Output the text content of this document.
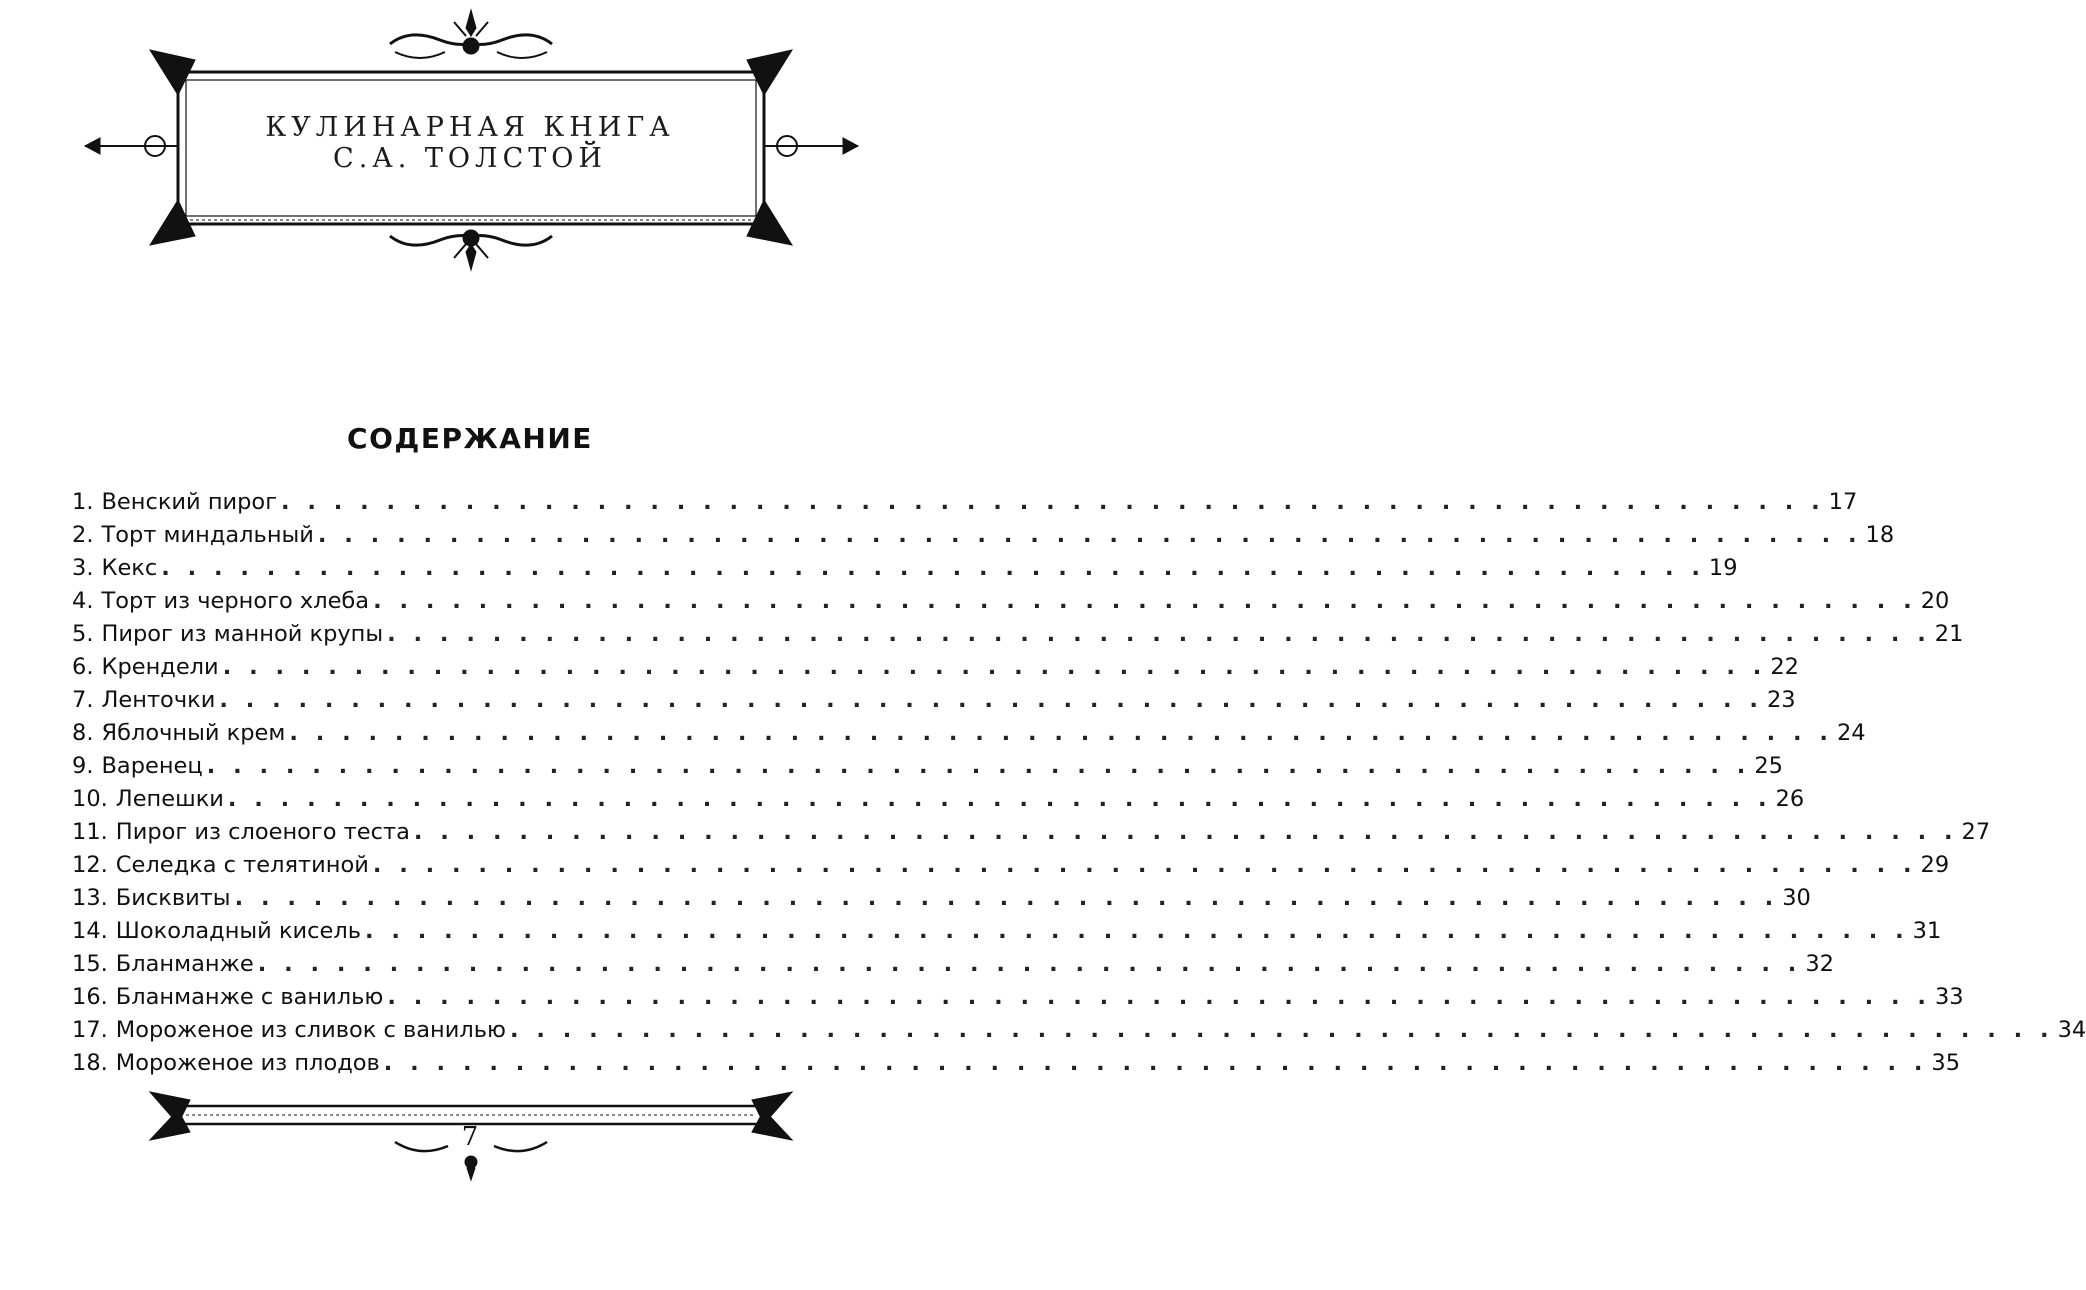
КУЛИНАРНАЯ КНИГА
С.А. ТОЛСТОЙ
СОДЕРЖАНИЕ
1. Венский пирог . . . . . . . . . . . . . . . . . . . . . . . . . . . . . . . . . . . . . . . . . . . . . . . . . . . . . . . . . . . 17
2. Торт миндальный . . . . . . . . . . . . . . . . . . . . . . . . . . . . . . . . . . . . . . . . . . . . . . . . . . . . . . . . . . . 18
3. Кекс . . . . . . . . . . . . . . . . . . . . . . . . . . . . . . . . . . . . . . . . . . . . . . . . . . . . . . . . . . . 19
4. Торт из черного хлеба . . . . . . . . . . . . . . . . . . . . . . . . . . . . . . . . . . . . . . . . . . . . . . . . . . . . . . . . . . . 20
5. Пирог из манной крупы . . . . . . . . . . . . . . . . . . . . . . . . . . . . . . . . . . . . . . . . . . . . . . . . . . . . . . . . . . . 21
6. Крендели . . . . . . . . . . . . . . . . . . . . . . . . . . . . . . . . . . . . . . . . . . . . . . . . . . . . . . . . . . . 22
7. Ленточки . . . . . . . . . . . . . . . . . . . . . . . . . . . . . . . . . . . . . . . . . . . . . . . . . . . . . . . . . . . 23
8. Яблочный крем . . . . . . . . . . . . . . . . . . . . . . . . . . . . . . . . . . . . . . . . . . . . . . . . . . . . . . . . . . . 24
9. Варенец . . . . . . . . . . . . . . . . . . . . . . . . . . . . . . . . . . . . . . . . . . . . . . . . . . . . . . . . . . . 25
10. Лепешки . . . . . . . . . . . . . . . . . . . . . . . . . . . . . . . . . . . . . . . . . . . . . . . . . . . . . . . . . . . 26
11. Пирог из слоеного теста . . . . . . . . . . . . . . . . . . . . . . . . . . . . . . . . . . . . . . . . . . . . . . . . . . . . . . . . . . . 27
12. Селедка с телятиной . . . . . . . . . . . . . . . . . . . . . . . . . . . . . . . . . . . . . . . . . . . . . . . . . . . . . . . . . . . 29
13. Бисквиты . . . . . . . . . . . . . . . . . . . . . . . . . . . . . . . . . . . . . . . . . . . . . . . . . . . . . . . . . . . 30
14. Шоколадный кисель . . . . . . . . . . . . . . . . . . . . . . . . . . . . . . . . . . . . . . . . . . . . . . . . . . . . . . . . . . . 31
15. Бланманже . . . . . . . . . . . . . . . . . . . . . . . . . . . . . . . . . . . . . . . . . . . . . . . . . . . . . . . . . . . 32
16. Бланманже с ванилью . . . . . . . . . . . . . . . . . . . . . . . . . . . . . . . . . . . . . . . . . . . . . . . . . . . . . . . . . . . 33
17. Мороженое из сливок с ванилью . . . . . . . . . . . . . . . . . . . . . . . . . . . . . . . . . . . . . . . . . . . . . . . . . . . . . . . . . . . 34
18. Мороженое из плодов . . . . . . . . . . . . . . . . . . . . . . . . . . . . . . . . . . . . . . . . . . . . . . . . . . . . . . . . . . . 35
7
